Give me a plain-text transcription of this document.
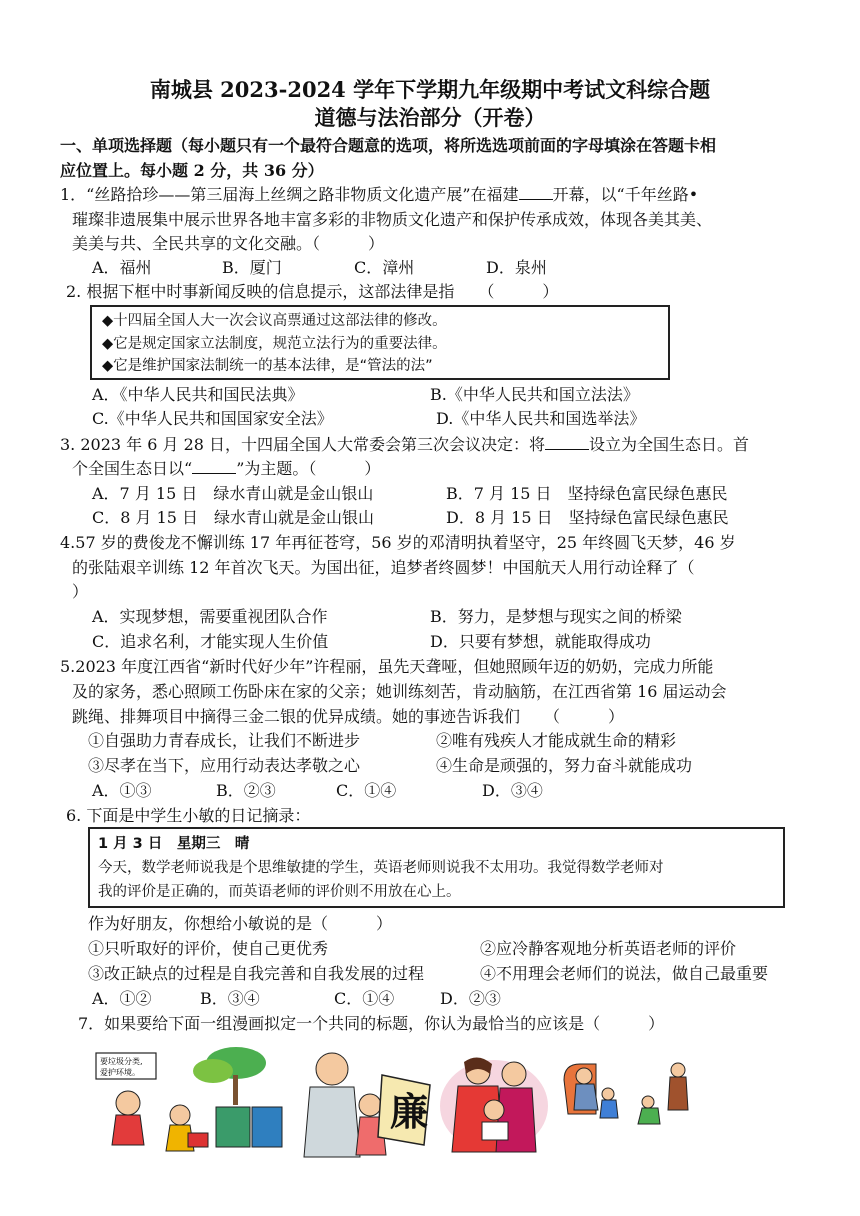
南城县 2023-2024 学年下学期九年级期中考试文科综合题
道德与法治部分（开卷）
一、单项选择题（每小题只有一个最符合题意的选项，将所选选项前面的字母填涂在答题卡相
应位置上。每小题 2 分，共 36 分）
1．“丝路拾珍——第三届海上丝绸之路非物质文化遗产展”在福建 开幕，以“千年丝路•
璀璨非遗展集中展示世界各地丰富多彩的非物质文化遗产和保护传承成效，体现各美其美、
美美与共、全民共享的文化交融。（　　　）
A．福州	B．厦门	C．漳州	D．泉州
2. 根据下框中时事新闻反映的信息提示，这部法律是指　　（　　　）
◆十四届全国人大一次会议高票通过这部法律的修改。
◆它是规定国家立法制度，规范立法行为的重要法律。
◆它是维护国家法制统一的基本法律，是“管法的法”
A．《中华人民共和国民法典》	B.《中华人民共和国立法法》
C.《中华人民共和国国家安全法》	D.《中华人民共和国选举法》
3. 2023 年 6 月 28 日，十四届全国人大常委会第三次会议决定：将	设立为全国生态日。首
个全国生态日以“	”为主题。（　　　）
A．7 月 15 日　绿水青山就是金山银山	B．7 月 15 日　坚持绿色富民绿色惠民
C．8 月 15 日　绿水青山就是金山银山	D．8 月 15 日　坚持绿色富民绿色惠民
4.57 岁的费俊龙不懈训练 17 年再征苍穹，56 岁的邓清明执着坚守，25 年终圆飞天梦，46 岁
的张陆艰辛训练 12 年首次飞天。为国出征，追梦者终圆梦！中国航天人用行动诠释了（
）
A．实现梦想，需要重视团队合作	B．努力，是梦想与现实之间的桥梁
C．追求名利，才能实现人生价值	D．只要有梦想，就能取得成功
5.2023 年度江西省“新时代好少年”许程丽，虽先天聋哑，但她照顾年迈的奶奶，完成力所能
及的家务，悉心照顾工伤卧床在家的父亲；她训练刻苦，肯动脑筋，在江西省第 16 届运动会
跳绳、排舞项目中摘得三金二银的优异成绩。她的事迹告诉我们　　（　　　）
①自强助力青春成长，让我们不断进步	②唯有残疾人才能成就生命的精彩
③尽孝在当下，应用行动表达孝敬之心	④生命是顽强的，努力奋斗就能成功
A．①③	B．②③	C．①④	D．③④
6. 下面是中学生小敏的日记摘录：
1 月 3 日　星期三　晴
今天，数学老师说我是个思维敏捷的学生，英语老师则说我不太用功。我觉得数学老师对
我的评价是正确的，而英语老师的评价则不用放在心上。
作为好朋友，你想给小敏说的是（　　　）
①只听取好的评价，使自己更优秀	②应冷静客观地分析英语老师的评价
③改正缺点的过程是自我完善和自我发展的过程	④不用理会老师们的说法，做自己最重要
A．①②	B．③④	C．①④	D．②③
7．如果要给下面一组漫画拟定一个共同的标题，你认为最恰当的应该是（　　　）
要垃圾分类,
爱护环境。
廉
